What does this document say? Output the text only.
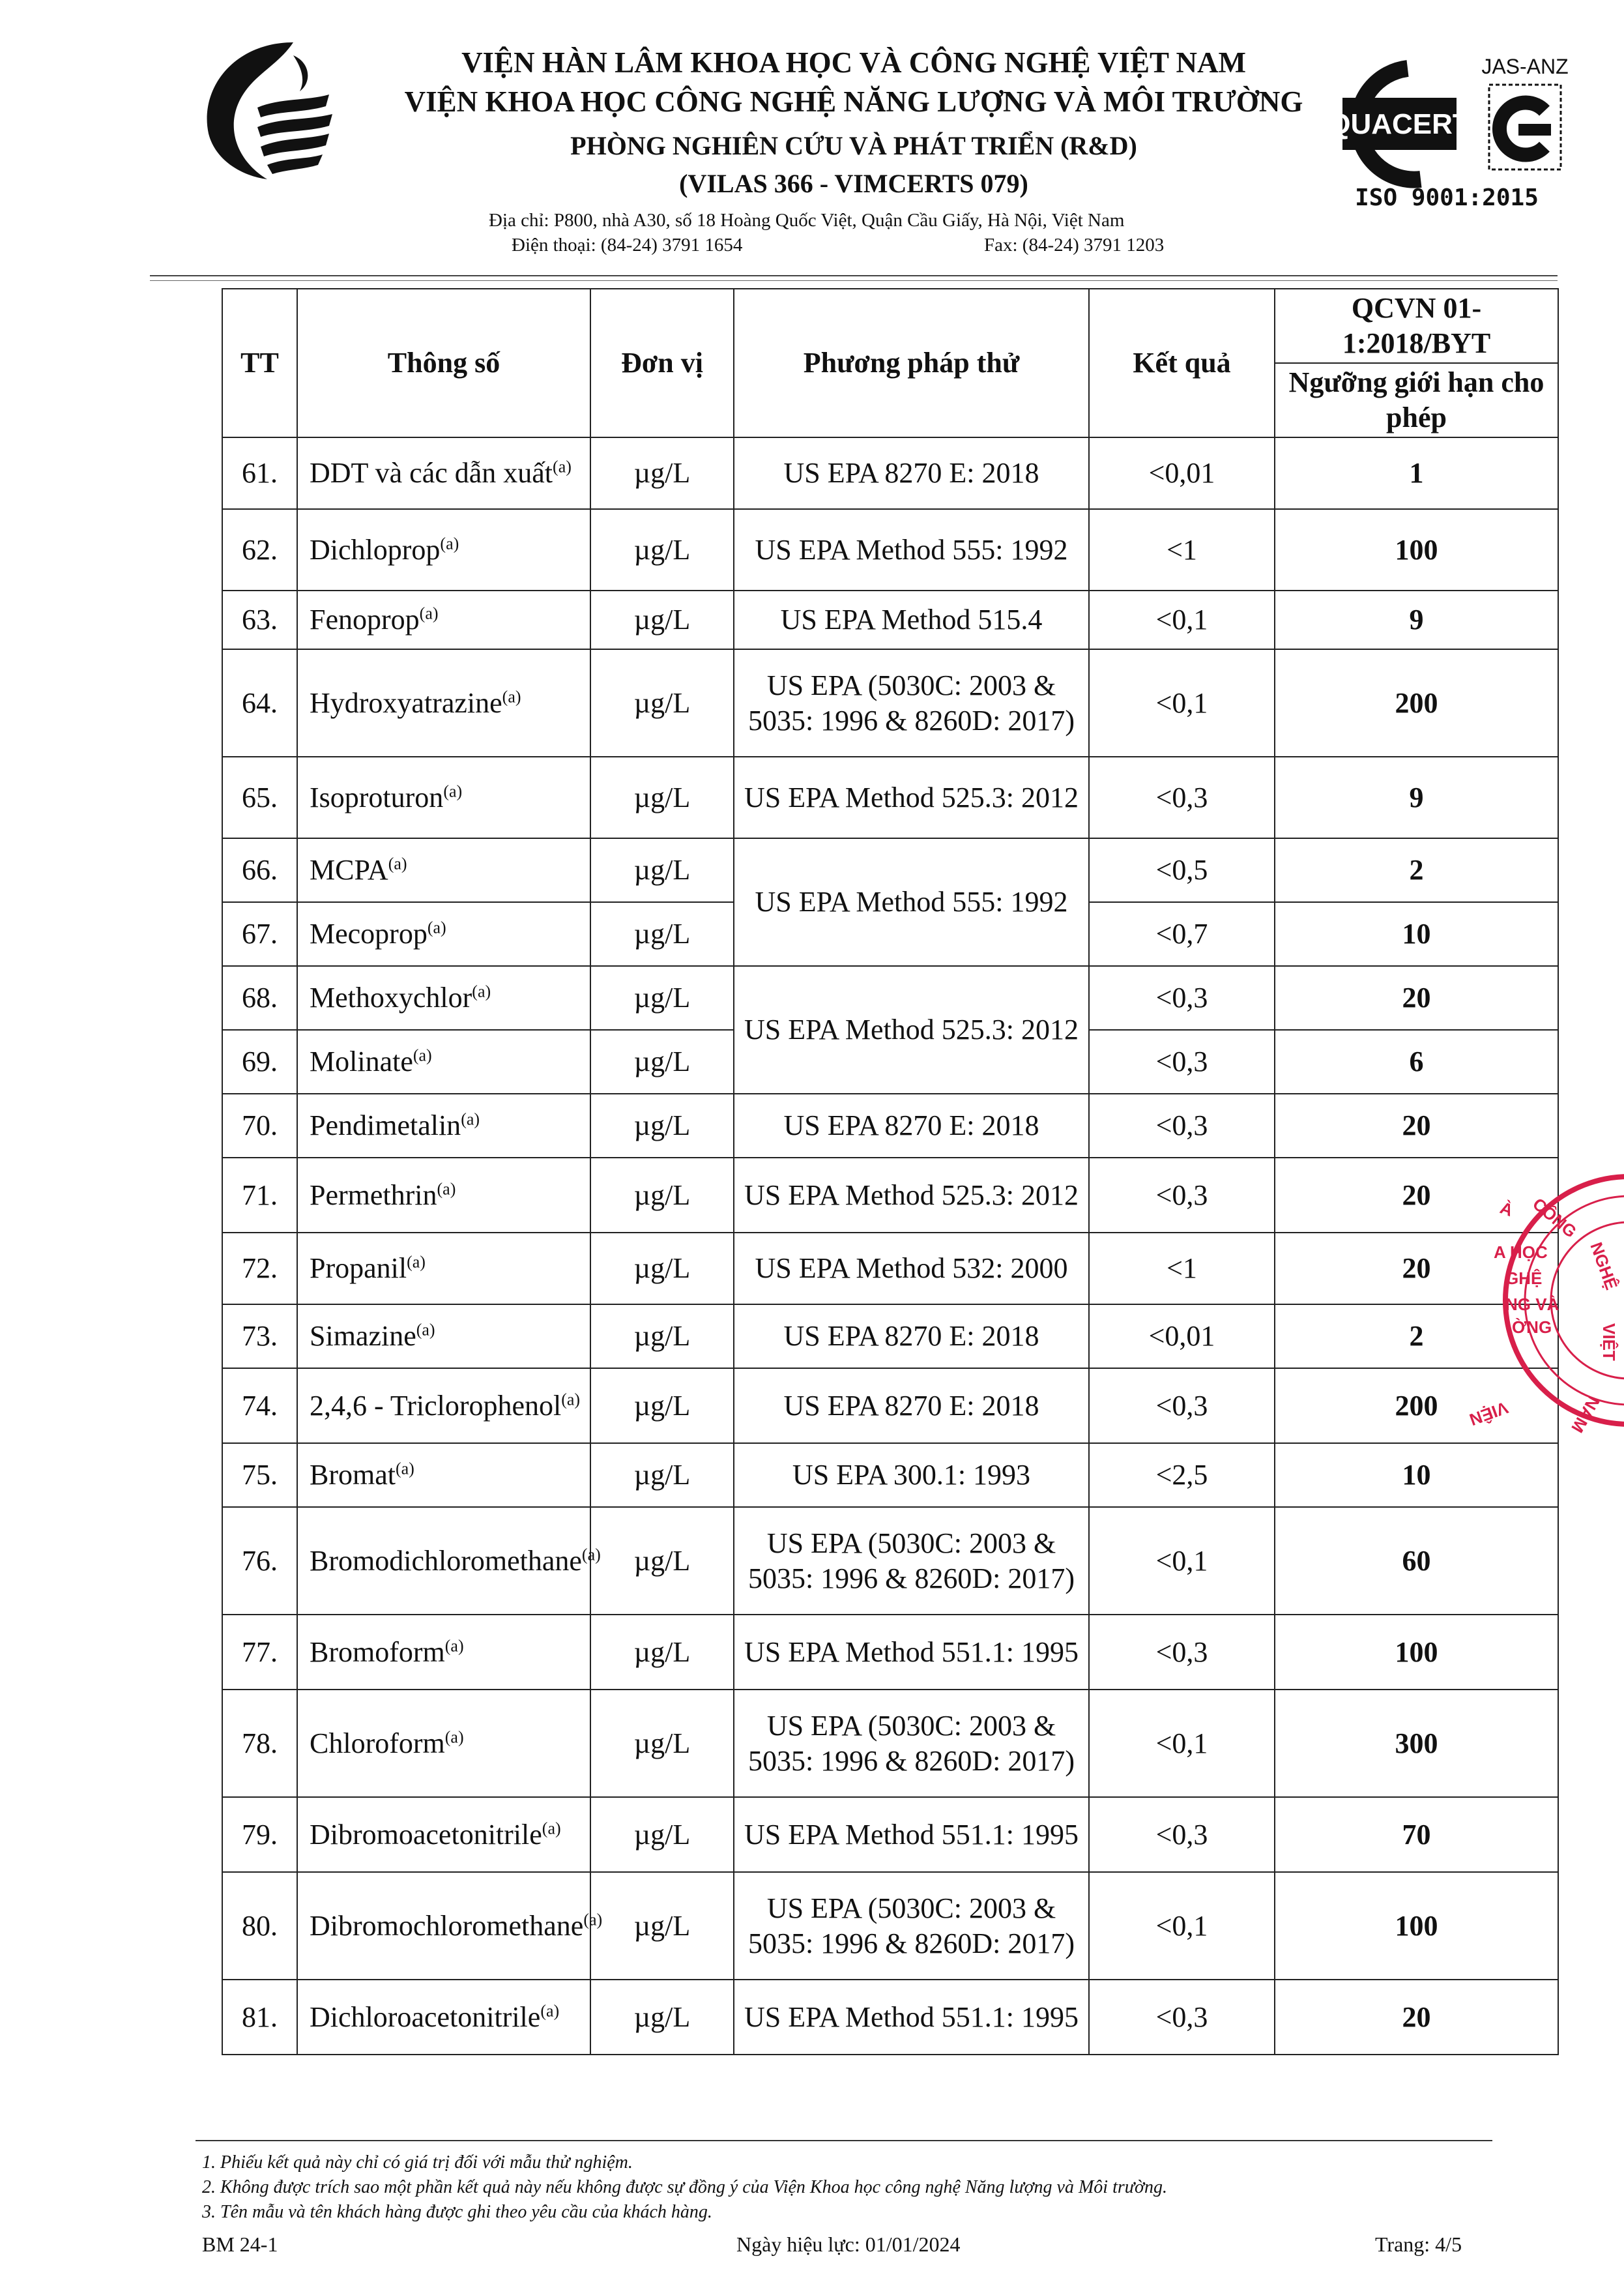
VIỆN HÀN LÂM KHOA HỌC VÀ CÔNG NGHỆ VIỆT NAM
VIỆN KHOA HỌC CÔNG NGHỆ NĂNG LƯỢNG VÀ MÔI TRƯỜNG
PHÒNG NGHIÊN CỨU VÀ PHÁT TRIỂN (R&D)
(VILAS 366 - VIMCERTS 079)
Địa chỉ: P800, nhà A30, số 18 Hoàng Quốc Việt, Quận Cầu Giấy, Hà Nội, Việt Nam
Điện thoại: (84-24) 3791 1654	Fax: (84-24) 3791 1203
QUACERT
JAS-ANZ
ISO 9001:2015
TT	Thông số	Đơn vị	Phương pháp thử	Kết quả	QCVN 01-1:2018/BYT
					Ngưỡng giới hạn cho phép
61.	DDT và các dẫn xuất$^{(a)}$	µg/L	US EPA 8270 E: 2018	<0,01	1
62.	Dichloprop$^{(a)}$	µg/L	US EPA Method 555: 1992	<1	100
63.	Fenoprop$^{(a)}$	µg/L	US EPA Method 515.4	<0,1	9
64.	Hydroxyatrazine$^{(a)}$	µg/L	US EPA (5030C: 2003 & 5035: 1996 & 8260D: 2017)	<0,1	200
65.	Isoproturon$^{(a)}$	µg/L	US EPA Method 525.3: 2012	<0,3	9
66.	MCPA$^{(a)}$	µg/L	US EPA Method 555: 1992	<0,5	2
67.	Mecoprop$^{(a)}$	µg/L		<0,7	10
68.	Methoxychlor$^{(a)}$	µg/L	US EPA Method 525.3: 2012	<0,3	20
69.	Molinate$^{(a)}$	µg/L		<0,3	6
70.	Pendimetalin$^{(a)}$	µg/L	US EPA 8270 E: 2018	<0,3	20
71.	Permethrin$^{(a)}$	µg/L	US EPA Method 525.3: 2012	<0,3	20
72.	Propanil$^{(a)}$	µg/L	US EPA Method 532: 2000	<1	20
73.	Simazine$^{(a)}$	µg/L	US EPA 8270 E: 2018	<0,01	2
74.	2,4,6 - Triclorophenol$^{(a)}$	µg/L	US EPA 8270 E: 2018	<0,3	200
75.	Bromat$^{(a)}$	µg/L	US EPA 300.1: 1993	<2,5	10
76.	Bromodichloromethane$^{(a)}$	µg/L	US EPA (5030C: 2003 & 5035: 1996 & 8260D: 2017)	<0,1	60
77.	Bromoform$^{(a)}$	µg/L	US EPA Method 551.1: 1995	<0,3	100
78.	Chloroform$^{(a)}$	µg/L	US EPA (5030C: 2003 & 5035: 1996 & 8260D: 2017)	<0,1	300
79.	Dibromoacetonitrile$^{(a)}$	µg/L	US EPA Method 551.1: 1995	<0,3	70
80.	Dibromochloromethane$^{(a)}$	µg/L	US EPA (5030C: 2003 & 5035: 1996 & 8260D: 2017)	<0,1	100
81.	Dichloroacetonitrile$^{(a)}$	µg/L	US EPA Method 551.1: 1995	<0,3	20
À CÔNG
NGHỆ
VIỆT
NAM
VIỆN
A HỌC
GHỆ
NG VÀ
ỜNG
1. Phiếu kết quả này chỉ có giá trị đối với mẫu thử nghiệm.
2. Không được trích sao một phần kết quả này nếu không được sự đồng ý của Viện Khoa học công nghệ Năng lượng và Môi trường.
3. Tên mẫu và tên khách hàng được ghi theo yêu cầu của khách hàng.
BM 24-1	Ngày hiệu lực: 01/01/2024	Trang: 4/5
